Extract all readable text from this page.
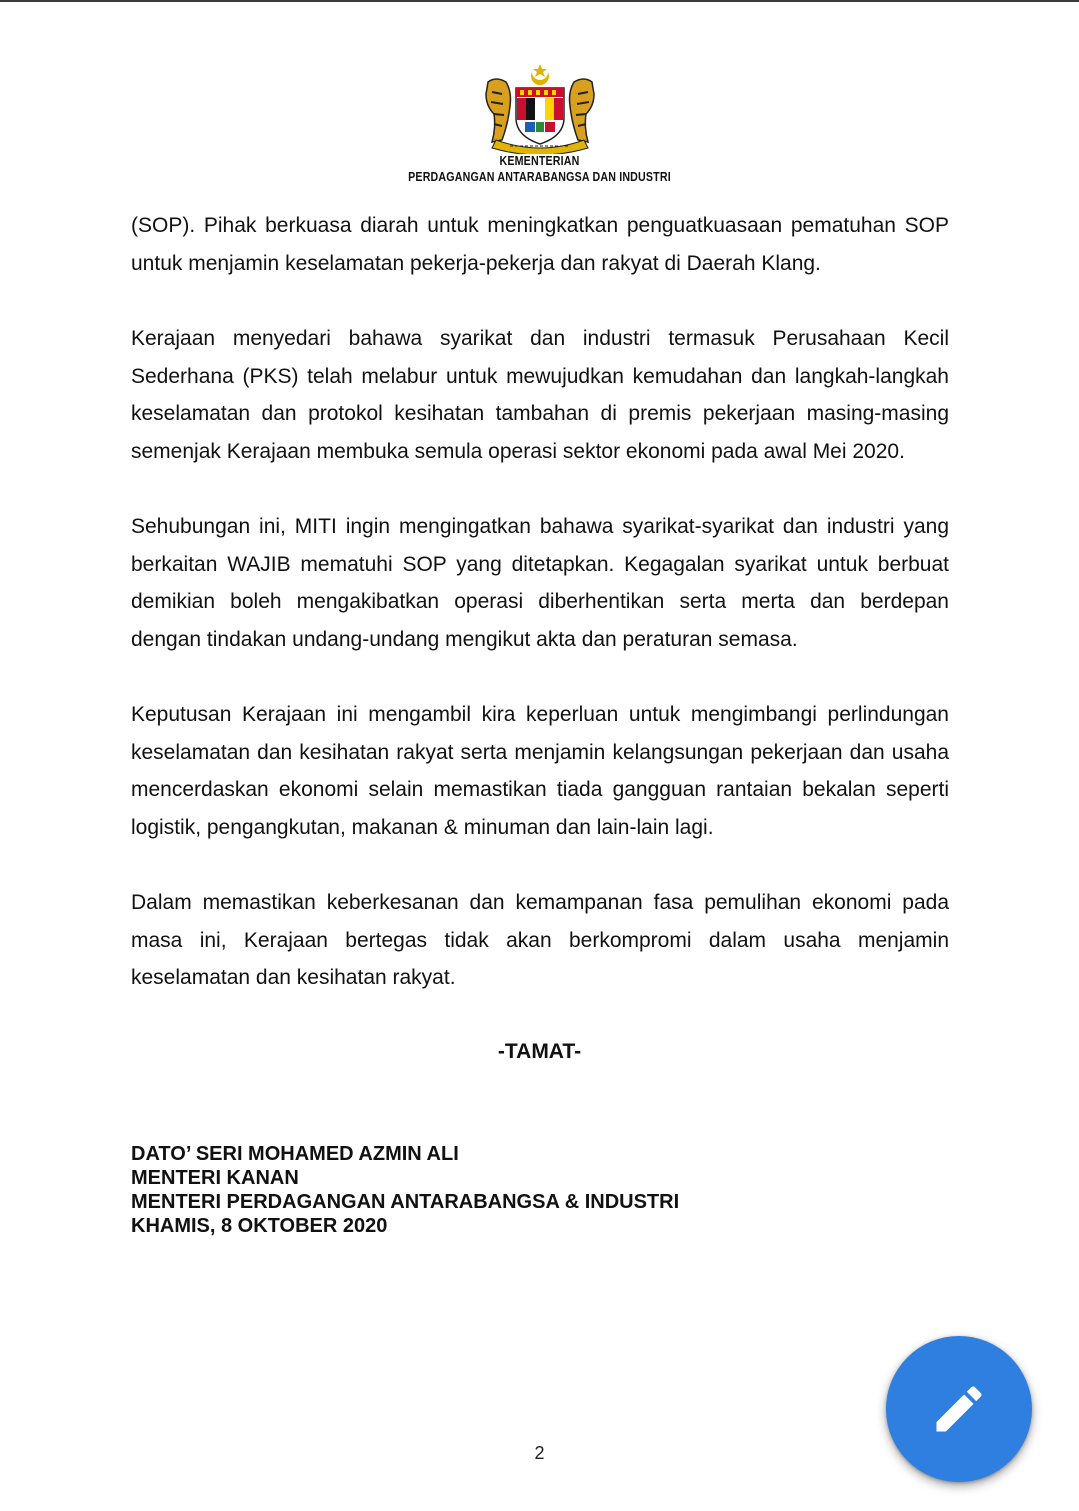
KEMENTERIAN
PERDAGANGAN ANTARABANGSA DAN INDUSTRI

(SOP). Pihak berkuasa diarah untuk meningkatkan penguatkuasaan pematuhan SOP untuk menjamin keselamatan pekerja-pekerja dan rakyat di Daerah Klang.

Kerajaan menyedari bahawa syarikat dan industri termasuk Perusahaan Kecil Sederhana (PKS) telah melabur untuk mewujudkan kemudahan dan langkah-langkah keselamatan dan protokol kesihatan tambahan di premis pekerjaan masing-masing semenjak Kerajaan membuka semula operasi sektor ekonomi pada awal Mei 2020.

Sehubungan ini, MITI ingin mengingatkan bahawa syarikat-syarikat dan industri yang berkaitan WAJIB mematuhi SOP yang ditetapkan. Kegagalan syarikat untuk berbuat demikian boleh mengakibatkan operasi diberhentikan serta merta dan berdepan dengan tindakan undang-undang mengikut akta dan peraturan semasa.

Keputusan Kerajaan ini mengambil kira keperluan untuk mengimbangi perlindungan keselamatan dan kesihatan rakyat serta menjamin kelangsungan pekerjaan dan usaha mencerdaskan ekonomi selain memastikan tiada gangguan rantaian bekalan seperti logistik, pengangkutan, makanan & minuman dan lain-lain lagi.

Dalam memastikan keberkesanan dan kemampanan fasa pemulihan ekonomi pada masa ini, Kerajaan bertegas tidak akan berkompromi dalam usaha menjamin keselamatan dan kesihatan rakyat.

-TAMAT-
DATO’ SERI MOHAMED AZMIN ALI
MENTERI KANAN
MENTERI PERDAGANGAN ANTARABANGSA & INDUSTRI
KHAMIS, 8 OKTOBER 2020
2
